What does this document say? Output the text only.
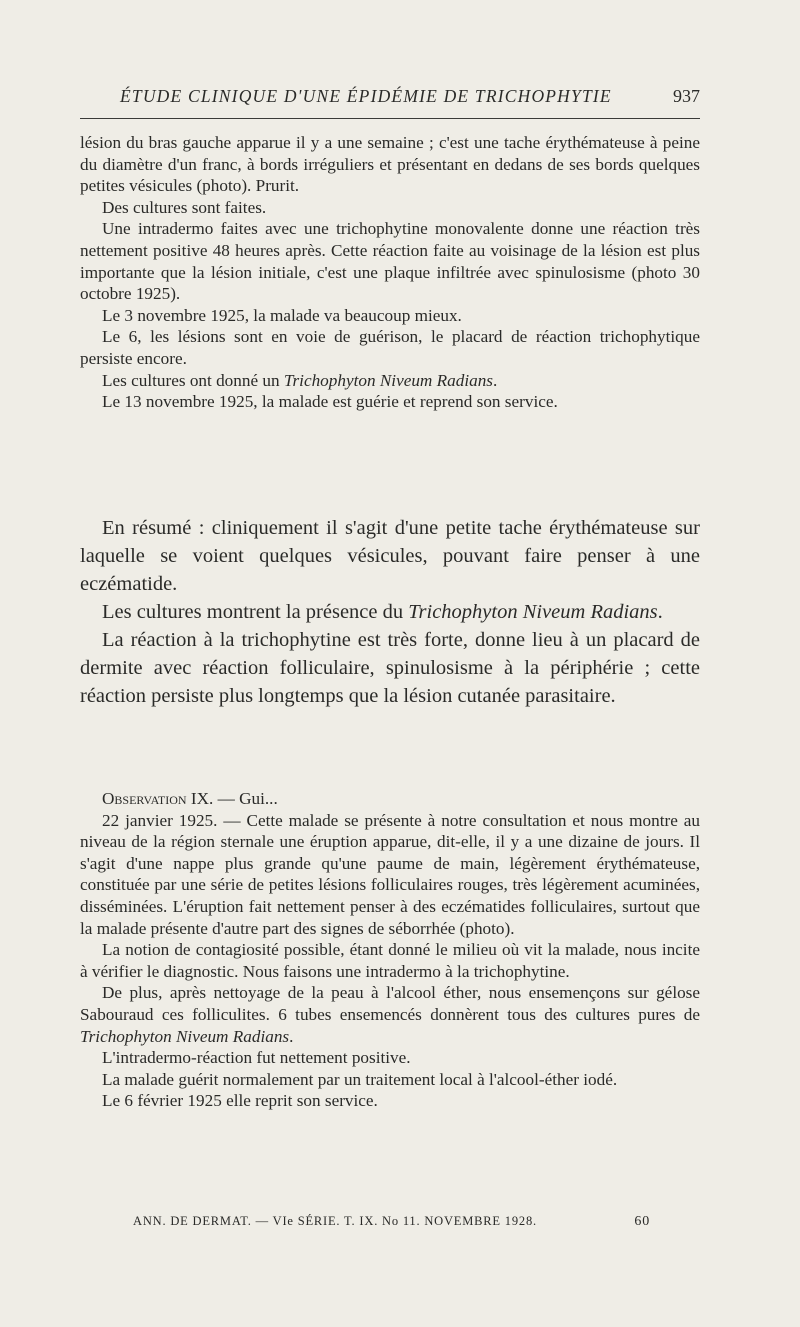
ÉTUDE CLINIQUE D'UNE ÉPIDÉMIE DE TRICHOPHYTIE	937

lésion du bras gauche apparue il y a une semaine ; c'est une tache érythémateuse à peine du diamètre d'un franc, à bords irréguliers et présentant en dedans de ses bords quelques petites vésicules (photo). Prurit.

Des cultures sont faites.

Une intradermo faites avec une trichophytine monovalente donne une réaction très nettement positive 48 heures après. Cette réaction faite au voisinage de la lésion est plus importante que la lésion initiale, c'est une plaque infiltrée avec spinulosisme (photo 30 octobre 1925).

Le 3 novembre 1925, la malade va beaucoup mieux.

Le 6, les lésions sont en voie de guérison, le placard de réaction trichophytique persiste encore.

Les cultures ont donné un Trichophyton Niveum Radians.

Le 13 novembre 1925, la malade est guérie et reprend son service.

En résumé : cliniquement il s'agit d'une petite tache érythémateuse sur laquelle se voient quelques vésicules, pouvant faire penser à une eczématide.

Les cultures montrent la présence du Trichophyton Niveum Radians.

La réaction à la trichophytine est très forte, donne lieu à un placard de dermite avec réaction folliculaire, spinulosisme à la périphérie ; cette réaction persiste plus longtemps que la lésion cutanée parasitaire.

Observation IX. — Gui...

22 janvier 1925. — Cette malade se présente à notre consultation et nous montre au niveau de la région sternale une éruption apparue, dit-elle, il y a une dizaine de jours. Il s'agit d'une nappe plus grande qu'une paume de main, légèrement érythémateuse, constituée par une série de petites lésions folliculaires rouges, très légèrement acuminées, disséminées. L'éruption fait nettement penser à des eczématides folliculaires, surtout que la malade présente d'autre part des signes de séborrhée (photo).

La notion de contagiosité possible, étant donné le milieu où vit la malade, nous incite à vérifier le diagnostic. Nous faisons une intradermo à la trichophytine.

De plus, après nettoyage de la peau à l'alcool éther, nous ensemençons sur gélose Sabouraud ces folliculites. 6 tubes ensemencés donnèrent tous des cultures pures de Trichophyton Niveum Radians.

L'intradermo-réaction fut nettement positive.

La malade guérit normalement par un traitement local à l'alcool-éther iodé.

Le 6 février 1925 elle reprit son service.

ANN. DE DERMAT. — VIe SÉRIE. T. IX. No 11. NOVEMBRE 1928.	60
